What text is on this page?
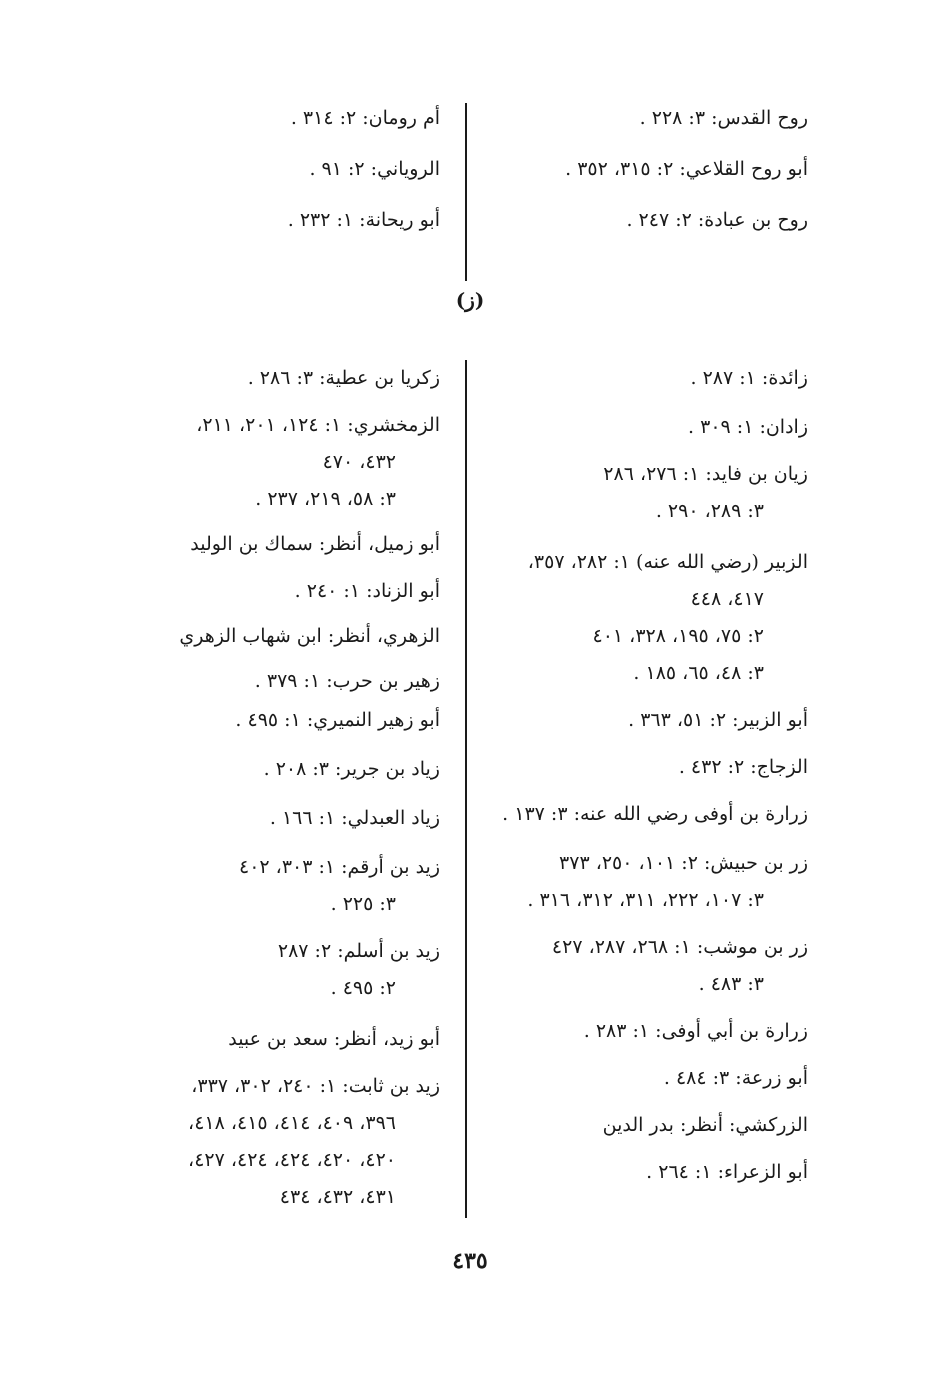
روح القدس: ٣: ٢٢٨ .
أبو روح القلاعي: ٢: ٣١٥، ٣٥٢ .
روح بن عبادة: ٢: ٢٤٧ .
أم رومان: ٢: ٣١٤ .
الروياني: ٢: ٩١ .
أبو ريحانة: ١: ٢٣٢ .
(ز)
زائدة: ١: ٢٨٧ .
زادان: ١: ٣٠٩ .
زيان بن فايد: ١: ٢٧٦، ٢٨٦
٣: ٢٨٩، ٢٩٠ .
الزبير (رضي الله عنه) ١: ٢٨٢، ٣٥٧،
٤١٧، ٤٤٨
٢: ٧٥، ١٩٥، ٣٢٨، ٤٠١
٣: ٤٨، ٦٥، ١٨٥ .
أبو الزبير: ٢: ٥١، ٣٦٣ .
الزجاج: ٢: ٤٣٢ .
زرارة بن أوفى رضي الله عنه: ٣: ١٣٧ .
زر بن حبيش: ٢: ١٠١، ٢٥٠، ٣٧٣
٣: ١٠٧، ٢٢٢، ٣١١، ٣١٢، ٣١٦ .
زر بن موشب: ١: ٢٦٨، ٢٨٧، ٤٢٧
٣: ٤٨٣ .
زرارة بن أبي أوفى: ١: ٢٨٣ .
أبو زرعة: ٣: ٤٨٤ .
الزركشي: أنظر: بدر الدين
أبو الزعراء: ١: ٢٦٤ .
زكريا بن عطية: ٣: ٢٨٦ .
الزمخشري: ١: ١٢٤، ٢٠١، ٢١١،
٤٣٢، ٤٧٠
٣: ٥٨، ٢١٩، ٢٣٧ .
أبو زميل، أنظر: سماك بن الوليد
أبو الزناد: ١: ٢٤٠ .
الزهري، أنظر: ابن شهاب الزهري
زهير بن حرب: ١: ٣٧٩ .
أبو زهير النميري: ١: ٤٩٥ .
زياد بن جرير: ٣: ٢٠٨ .
زياد العبدلي: ١: ١٦٦ .
زيد بن أرقم: ١: ٣٠٣، ٤٠٢
٣: ٢٢٥ .
زيد بن أسلم: ٢: ٢٨٧
٢: ٤٩٥ .
أبو زيد، أنظر: سعد بن عبيد
زيد بن ثابت: ١: ٢٤٠، ٣٠٢، ٣٣٧،
٣٩٦، ٤٠٩، ٤١٤، ٤١٥، ٤١٨،
٤٢٠، ٤٢٠، ٤٢٤، ٤٢٤، ٤٢٧،
٤٣١، ٤٣٢، ٤٣٤
٤٣٥
